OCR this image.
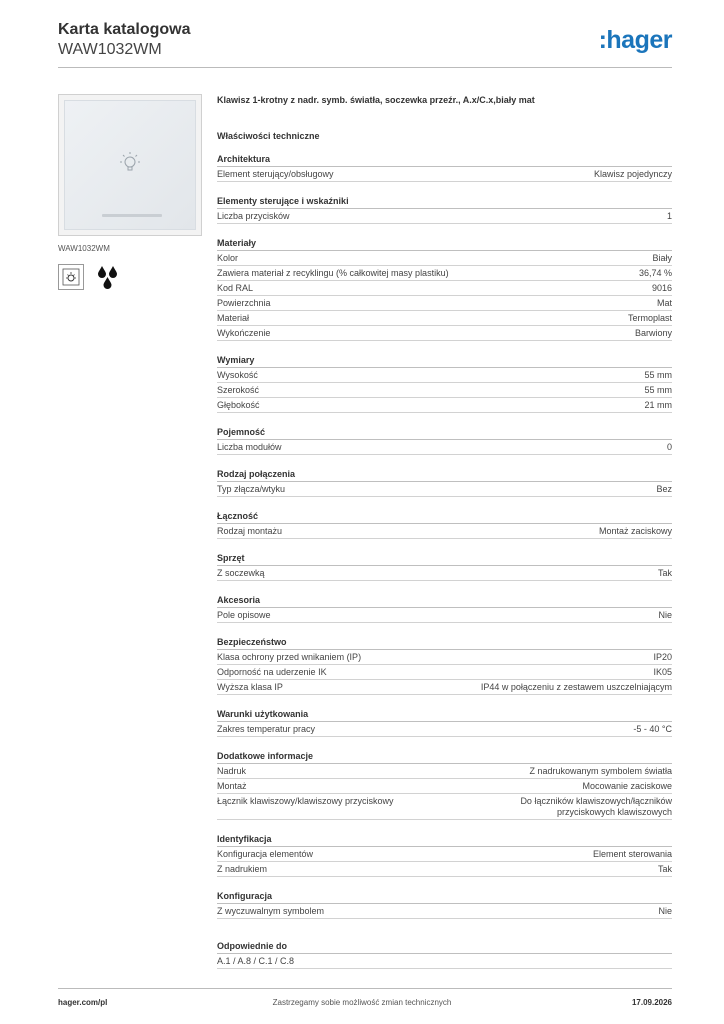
Karta katalogowa
WAW1032WM	:hager
WAW1032WM
Klawisz 1-krotny z nadr. symb. światła, soczewka przeźr., A.x/C.x,biały mat
Właściwości techniczne
Architektura
Element sterujący/obsługowy	Klawisz pojedynczy
Elementy sterujące i wskaźniki
Liczba przycisków	1
Materiały
Kolor	Biały
Zawiera materiał z recyklingu (% całkowitej masy plastiku)	36,74 %
Kod RAL	9016
Powierzchnia	Mat
Materiał	Termoplast
Wykończenie	Barwiony
Wymiary
Wysokość	55 mm
Szerokość	55 mm
Głębokość	21 mm
Pojemność
Liczba modułów	0
Rodzaj połączenia
Typ złącza/wtyku	Bez
Łączność
Rodzaj montażu	Montaż zaciskowy
Sprzęt
Z soczewką	Tak
Akcesoria
Pole opisowe	Nie
Bezpieczeństwo
Klasa ochrony przed wnikaniem (IP)	IP20
Odporność na uderzenie IK	IK05
Wyższa klasa IP	IP44 w połączeniu z zestawem uszczelniającym
Warunki użytkowania
Zakres temperatur pracy	-5 - 40 °C
Dodatkowe informacje
Nadruk	Z nadrukowanym symbolem światła
Montaż	Mocowanie zaciskowe
Łącznik klawiszowy/klawiszowy przyciskowy	Do łączników klawiszowych/łączników przyciskowych klawiszowych
Identyfikacja
Konfiguracja elementów	Element sterowania
Z nadrukiem	Tak
Konfiguracja
Z wyczuwalnym symbolem	Nie
Odpowiednie do
A.1 / A.8 / C.1 / C.8
hager.com/pl	Zastrzegamy sobie możliwość zmian technicznych	17.09.2026
